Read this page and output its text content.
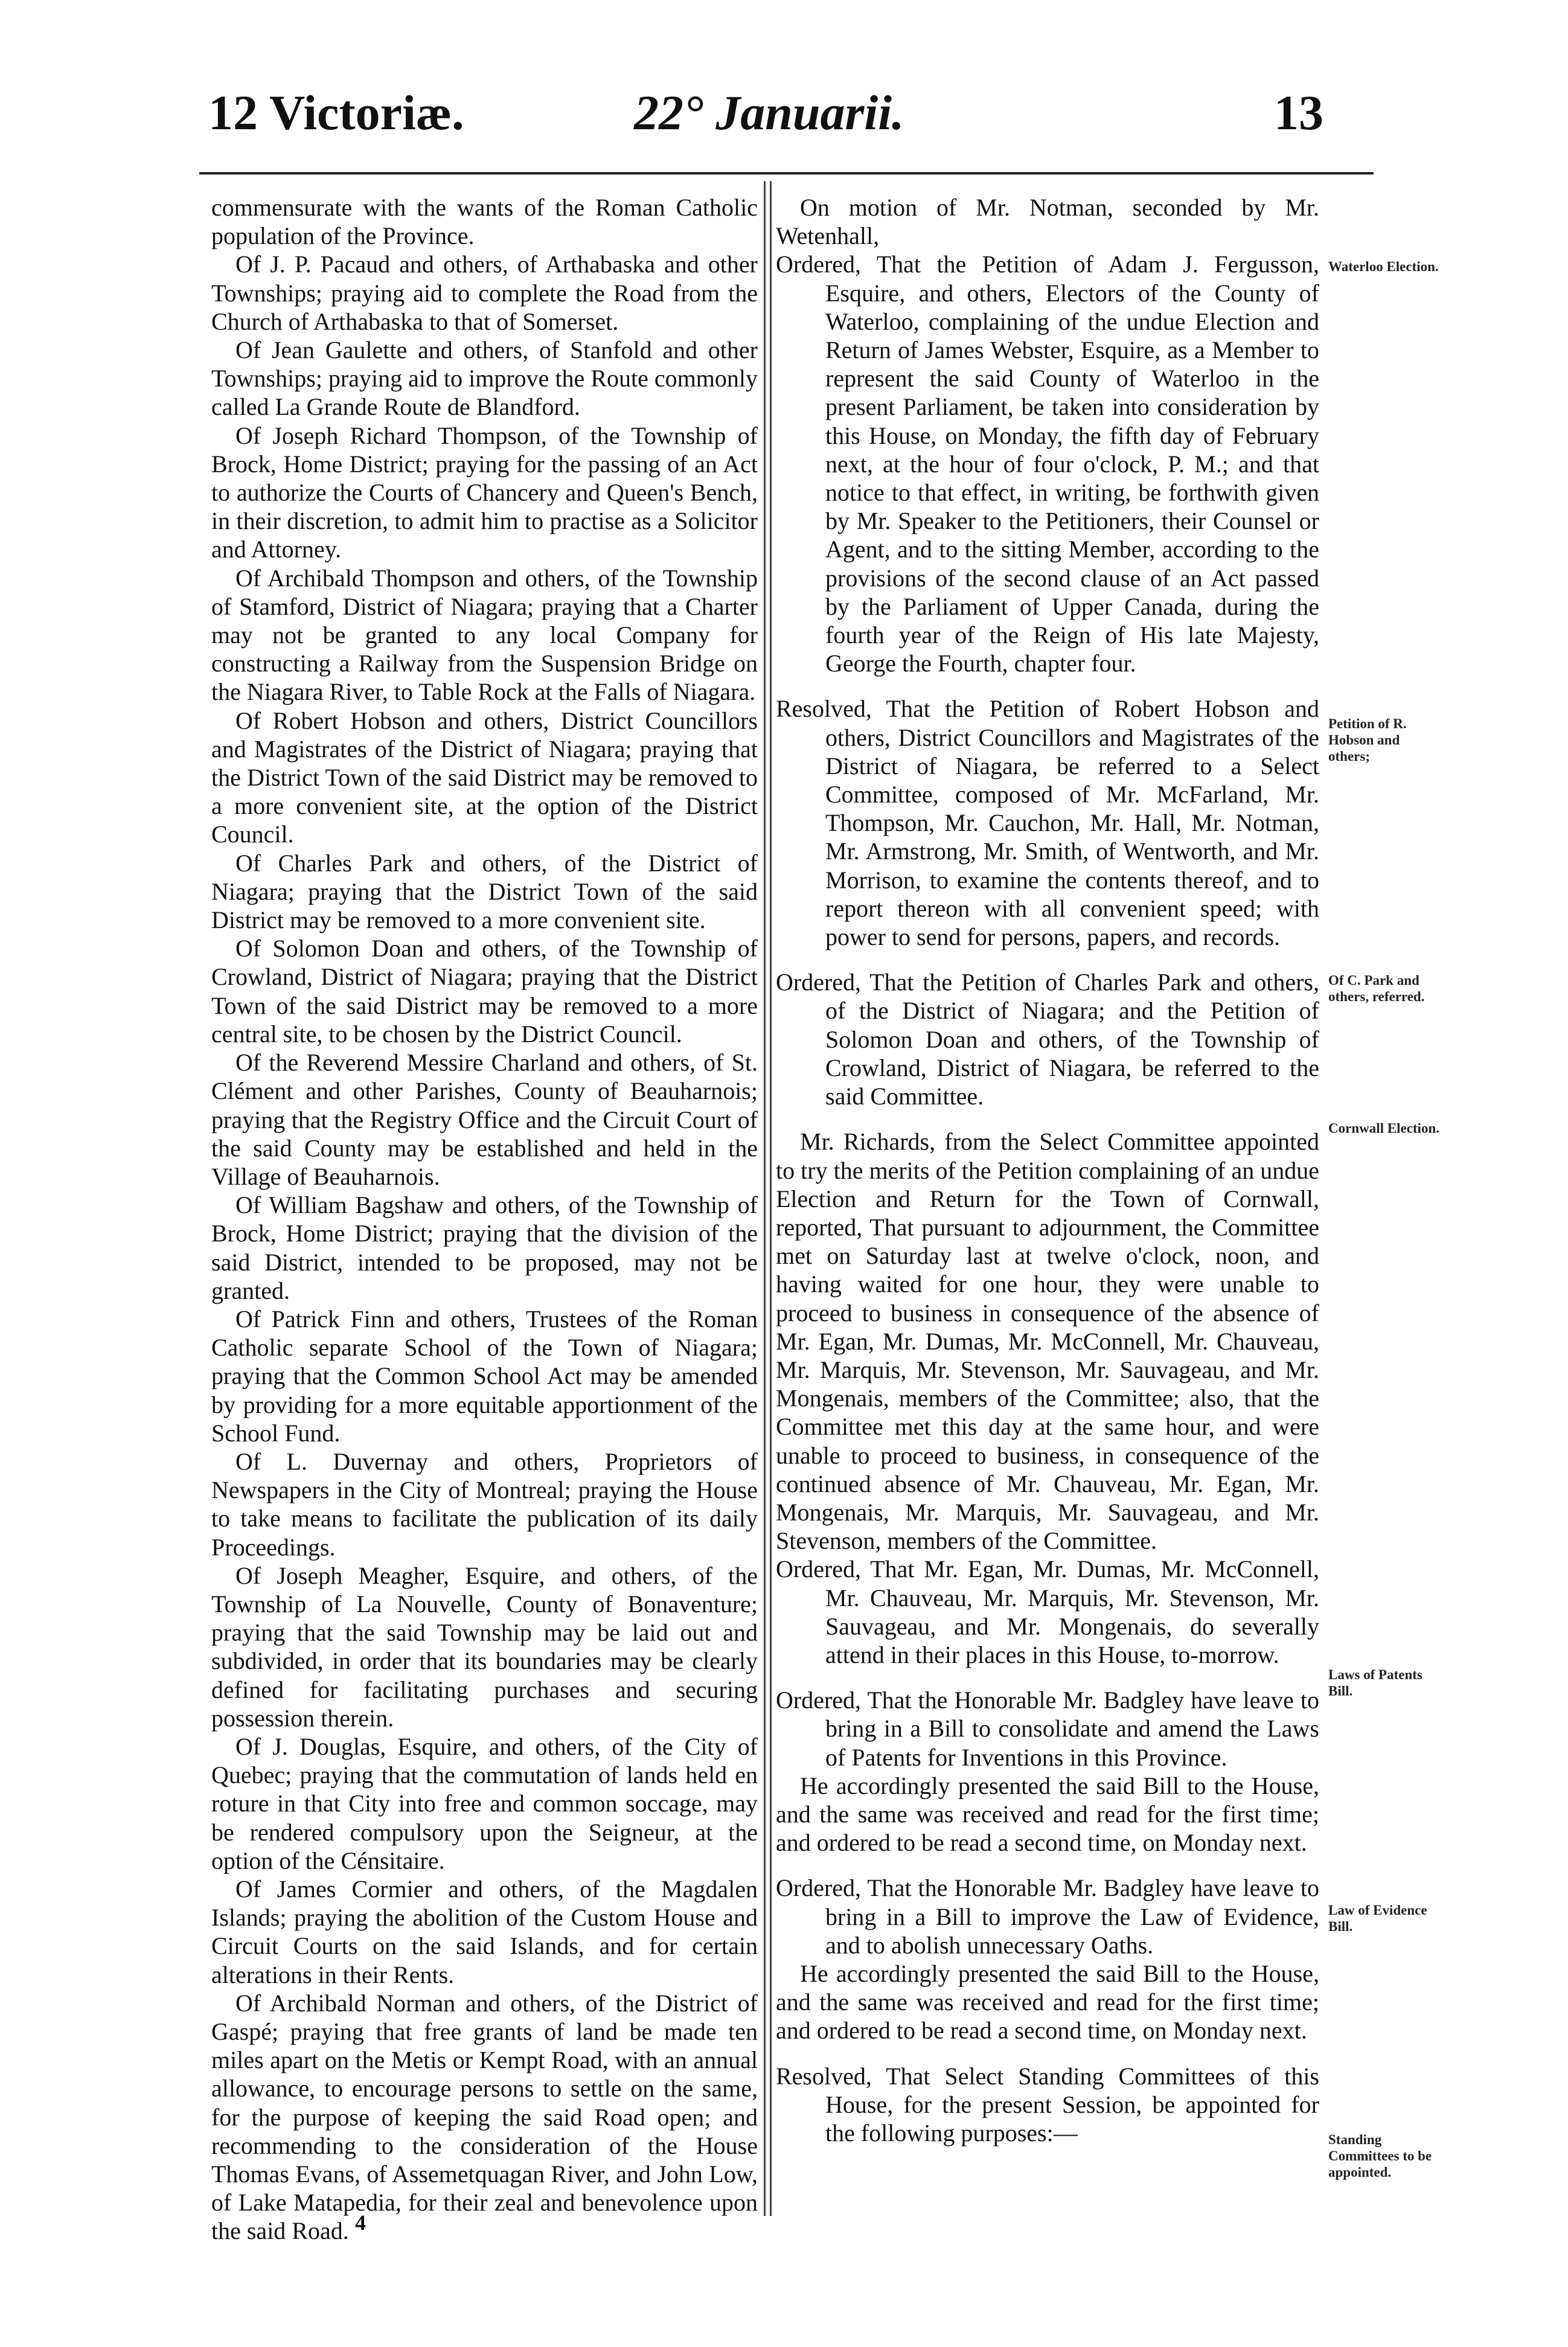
12 Victoriæ.	22° Januarii.	13

commensurate with the wants of the Roman Catholic population of the Province.

Of J. P. Pacaud and others, of Arthabaska and other Townships; praying aid to complete the Road from the Church of Arthabaska to that of Somerset.

Of Jean Gaulette and others, of Stanfold and other Townships; praying aid to improve the Route commonly called La Grande Route de Blandford.

Of Joseph Richard Thompson, of the Township of Brock, Home District; praying for the passing of an Act to authorize the Courts of Chancery and Queen's Bench, in their discretion, to admit him to practise as a Solicitor and Attorney.

Of Archibald Thompson and others, of the Township of Stamford, District of Niagara; praying that a Charter may not be granted to any local Company for constructing a Railway from the Suspension Bridge on the Niagara River, to Table Rock at the Falls of Niagara.

Of Robert Hobson and others, District Councillors and Magistrates of the District of Niagara; praying that the District Town of the said District may be removed to a more convenient site, at the option of the District Council.

Of Charles Park and others, of the District of Niagara; praying that the District Town of the said District may be removed to a more convenient site.

Of Solomon Doan and others, of the Township of Crowland, District of Niagara; praying that the District Town of the said District may be removed to a more central site, to be chosen by the District Council.

Of the Reverend Messire Charland and others, of St. Clément and other Parishes, County of Beauharnois; praying that the Registry Office and the Circuit Court of the said County may be established and held in the Village of Beauharnois.

Of William Bagshaw and others, of the Township of Brock, Home District; praying that the division of the said District, intended to be proposed, may not be granted.

Of Patrick Finn and others, Trustees of the Roman Catholic separate School of the Town of Niagara; praying that the Common School Act may be amended by providing for a more equitable apportionment of the School Fund.

Of L. Duvernay and others, Proprietors of Newspapers in the City of Montreal; praying the House to take means to facilitate the publication of its daily Proceedings.

Of Joseph Meagher, Esquire, and others, of the Township of La Nouvelle, County of Bonaventure; praying that the said Township may be laid out and subdivided, in order that its boundaries may be clearly defined for facilitating purchases and securing possession therein.

Of J. Douglas, Esquire, and others, of the City of Quebec; praying that the commutation of lands held en roture in that City into free and common soccage, may be rendered compulsory upon the Seigneur, at the option of the Cénsitaire.

Of James Cormier and others, of the Magdalen Islands; praying the abolition of the Custom House and Circuit Courts on the said Islands, and for certain alterations in their Rents.

Of Archibald Norman and others, of the District of Gaspé; praying that free grants of land be made ten miles apart on the Metis or Kempt Road, with an annual allowance, to encourage persons to settle on the same, for the purpose of keeping the said Road open; and recommending to the consideration of the House Thomas Evans, of Assemetquagan River, and John Low, of Lake Matapedia, for their zeal and benevolence upon the said Road.

On motion of Mr. Notman, seconded by Mr. Wetenhall,

Ordered, That the Petition of Adam J. Fergusson, Esquire, and others, Electors of the County of Waterloo, complaining of the undue Election and Return of James Webster, Esquire, as a Member to represent the said County of Waterloo in the present Parliament, be taken into consideration by this House, on Monday, the fifth day of February next, at the hour of four o'clock, P. M.; and that notice to that effect, in writing, be forthwith given by Mr. Speaker to the Petitioners, their Counsel or Agent, and to the sitting Member, according to the provisions of the second clause of an Act passed by the Parliament of Upper Canada, during the fourth year of the Reign of His late Majesty, George the Fourth, chapter four.

Resolved, That the Petition of Robert Hobson and others, District Councillors and Magistrates of the District of Niagara, be referred to a Select Committee, composed of Mr. McFarland, Mr. Thompson, Mr. Cauchon, Mr. Hall, Mr. Notman, Mr. Armstrong, Mr. Smith, of Wentworth, and Mr. Morrison, to examine the contents thereof, and to report thereon with all convenient speed; with power to send for persons, papers, and records.

Ordered, That the Petition of Charles Park and others, of the District of Niagara; and the Petition of Solomon Doan and others, of the Township of Crowland, District of Niagara, be referred to the said Committee.

Mr. Richards, from the Select Committee appointed to try the merits of the Petition complaining of an undue Election and Return for the Town of Cornwall, reported, That pursuant to adjournment, the Committee met on Saturday last at twelve o'clock, noon, and having waited for one hour, they were unable to proceed to business in consequence of the absence of Mr. Egan, Mr. Dumas, Mr. McConnell, Mr. Chauveau, Mr. Marquis, Mr. Stevenson, Mr. Sauvageau, and Mr. Mongenais, members of the Committee; also, that the Committee met this day at the same hour, and were unable to proceed to business, in consequence of the continued absence of Mr. Chauveau, Mr. Egan, Mr. Mongenais, Mr. Marquis, Mr. Sauvageau, and Mr. Stevenson, members of the Committee.

Ordered, That Mr. Egan, Mr. Dumas, Mr. McConnell, Mr. Chauveau, Mr. Marquis, Mr. Stevenson, Mr. Sauvageau, and Mr. Mongenais, do severally attend in their places in this House, to-morrow.

Ordered, That the Honorable Mr. Badgley have leave to bring in a Bill to consolidate and amend the Laws of Patents for Inventions in this Province.

He accordingly presented the said Bill to the House, and the same was received and read for the first time; and ordered to be read a second time, on Monday next.

Ordered, That the Honorable Mr. Badgley have leave to bring in a Bill to improve the Law of Evidence, and to abolish unnecessary Oaths.

He accordingly presented the said Bill to the House, and the same was received and read for the first time; and ordered to be read a second time, on Monday next.

Resolved, That Select Standing Committees of this House, for the present Session, be appointed for the following purposes:—

Waterloo Election.
Petition of R. Hobson and others;
Of C. Park and others, referred.
Cornwall Election.
Laws of Patents Bill.
Law of Evidence Bill.
Standing Committees to be appointed.
4
